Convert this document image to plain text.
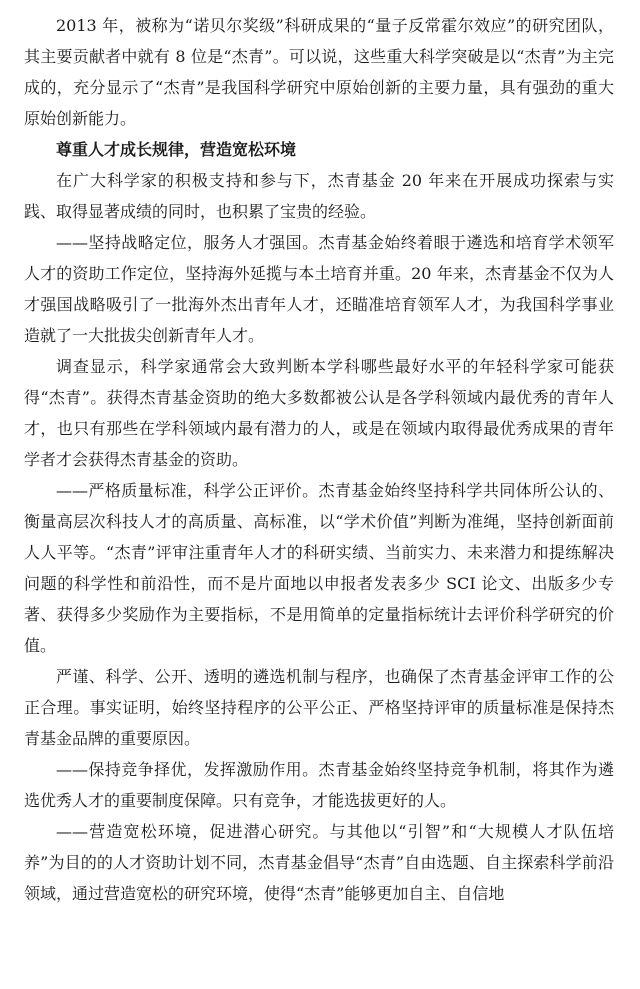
2013 年，被称为“诺贝尔奖级”科研成果的“量子反常霍尔效应”的研究团队，其主要贡献者中就有 8 位是“杰青”。可以说，这些重大科学突破是以“杰青”为主完成的，充分显示了“杰青”是我国科学研究中原始创新的主要力量，具有强劲的重大原始创新能力。

尊重人才成长规律，营造宽松环境

在广大科学家的积极支持和参与下，杰青基金 20 年来在开展成功探索与实践、取得显著成绩的同时，也积累了宝贵的经验。

——坚持战略定位，服务人才强国。杰青基金始终着眼于遴选和培育学术领军人才的资助工作定位，坚持海外延揽与本土培育并重。20 年来，杰青基金不仅为人才强国战略吸引了一批海外杰出青年人才，还瞄准培育领军人才，为我国科学事业造就了一大批拔尖创新青年人才。

调查显示，科学家通常会大致判断本学科哪些最好水平的年轻科学家可能获得“杰青”。获得杰青基金资助的绝大多数都被公认是各学科领域内最优秀的青年人才，也只有那些在学科领域内最有潜力的人，或是在领域内取得最优秀成果的青年学者才会获得杰青基金的资助。

——严格质量标准，科学公正评价。杰青基金始终坚持科学共同体所公认的、衡量高层次科技人才的高质量、高标准，以“学术价值”判断为准绳，坚持创新面前人人平等。“杰青”评审注重青年人才的科研实绩、当前实力、未来潜力和提练解决问题的科学性和前沿性，而不是片面地以申报者发表多少 SCI 论文、出版多少专著、获得多少奖励作为主要指标，不是用简单的定量指标统计去评价科学研究的价值。

严谨、科学、公开、透明的遴选机制与程序，也确保了杰青基金评审工作的公正合理。事实证明，始终坚持程序的公平公正、严格坚持评审的质量标准是保持杰青基金品牌的重要原因。

——保持竞争择优，发挥激励作用。杰青基金始终坚持竞争机制，将其作为遴选优秀人才的重要制度保障。只有竞争，才能选拔更好的人。

——营造宽松环境，促进潜心研究。与其他以“引智”和“大规模人才队伍培养”为目的的人才资助计划不同，杰青基金倡导“杰青”自由选题、自主探索科学前沿领域，通过营造宽松的研究环境，使得“杰青”能够更加自主、自信地
